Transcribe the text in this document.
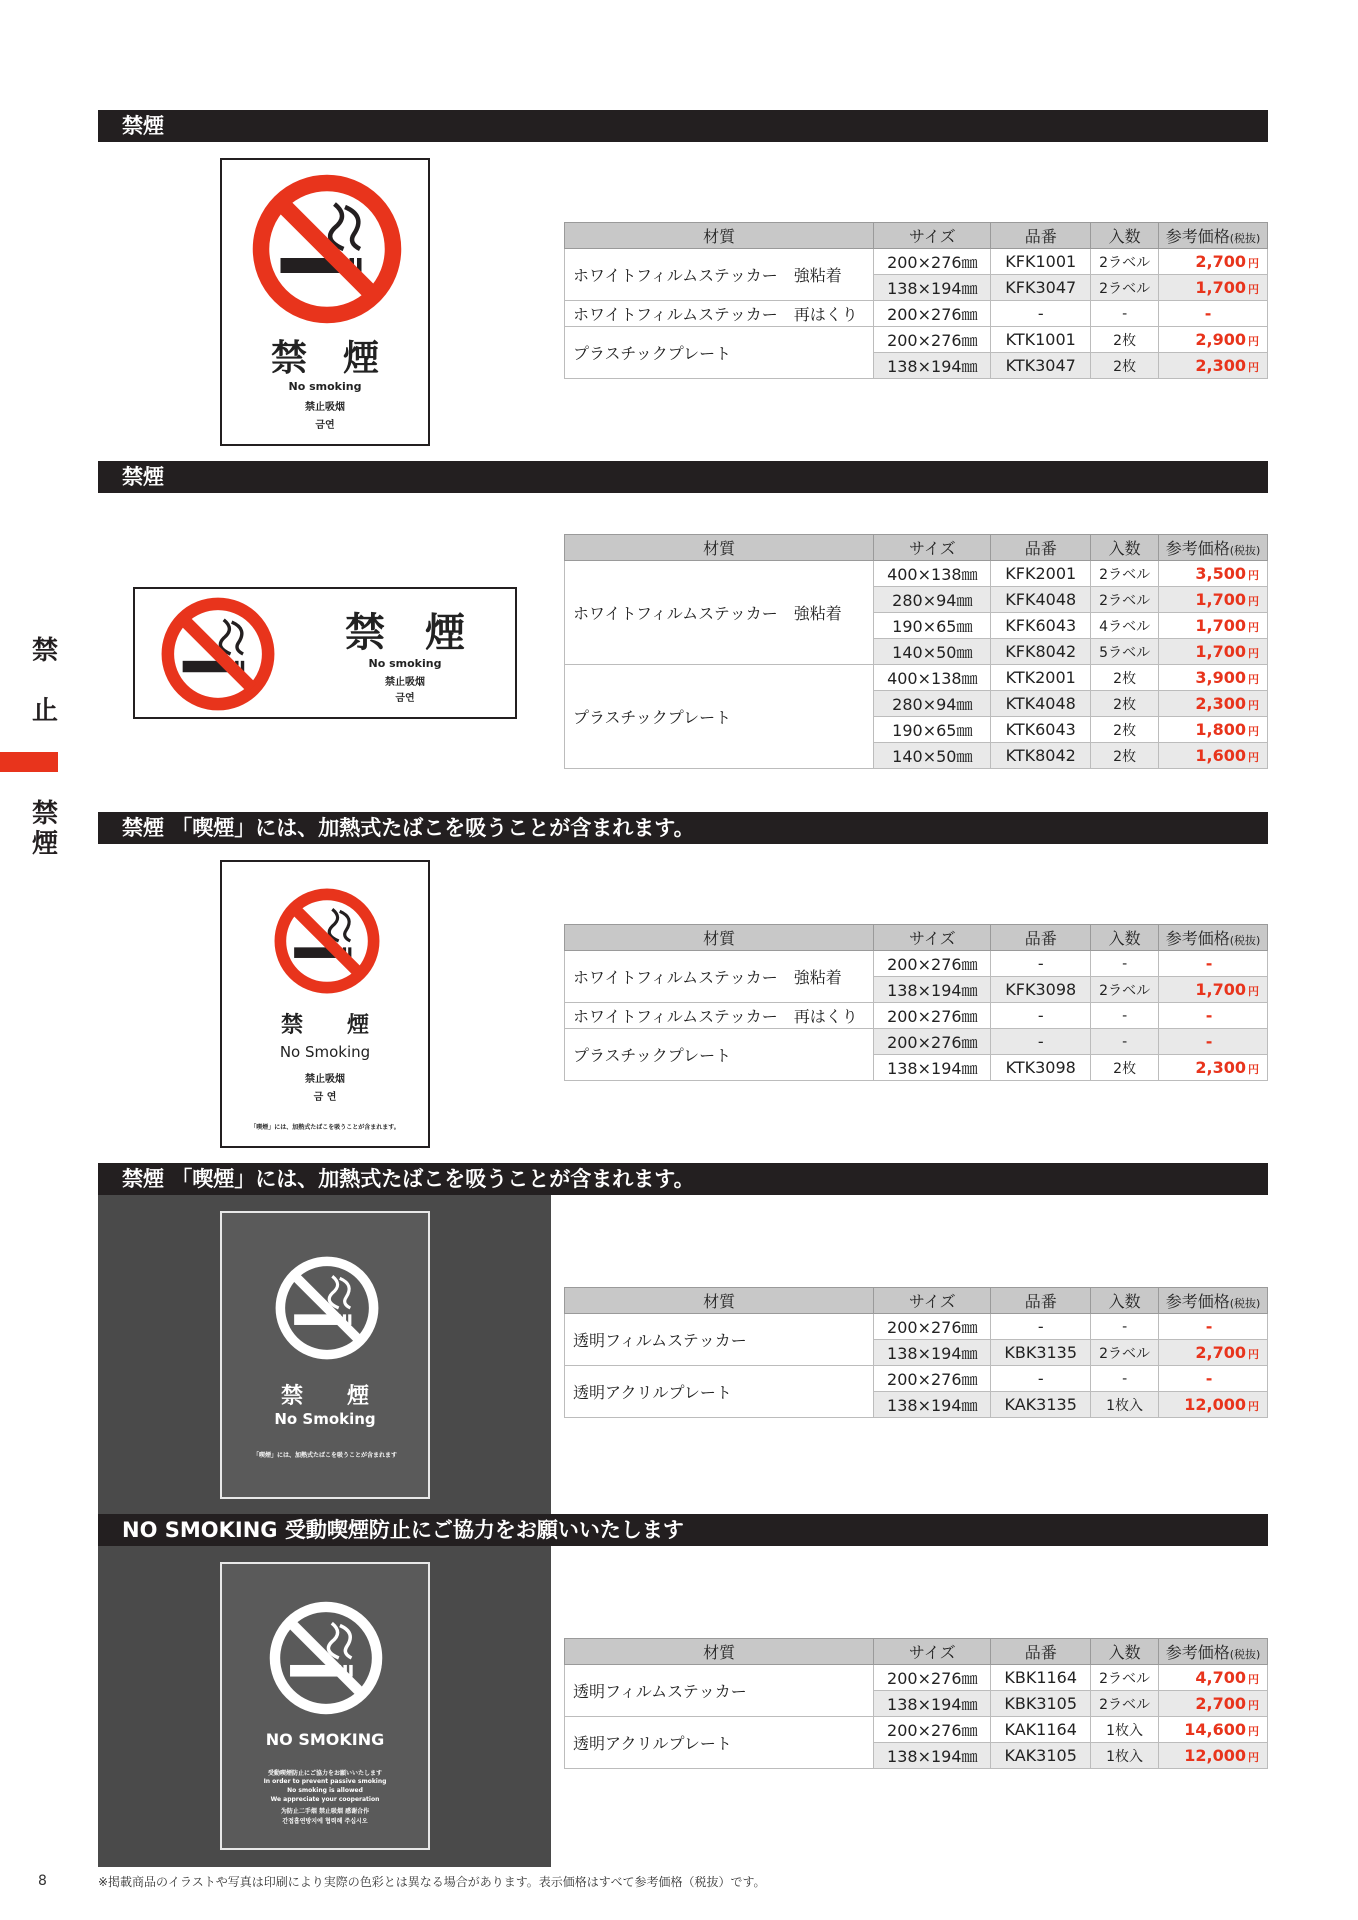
禁
止
禁
煙
禁煙
禁　煙
No smoking
禁止吸烟
금연
材質	サイズ	品番	入数	参考価格(税抜)
ホワイトフィルムステッカー　強粘着	200×276㎜	KFK1001	2ラベル	2,700 円
	138×194㎜	KFK3047	2ラベル	1,700 円
ホワイトフィルムステッカー　再はくり	200×276㎜	-	-	-
プラスチックプレート	200×276㎜	KTK1001	2枚	2,900 円
	138×194㎜	KTK3047	2枚	2,300 円
禁煙
禁　煙
No smoking
禁止吸烟
금연
材質	サイズ	品番	入数	参考価格(税抜)
ホワイトフィルムステッカー　強粘着	400×138㎜	KFK2001	2ラベル	3,500 円
	280×94㎜	KFK4048	2ラベル	1,700 円
	190×65㎜	KFK6043	4ラベル	1,700 円
	140×50㎜	KFK8042	5ラベル	1,700 円
プラスチックプレート	400×138㎜	KTK2001	2枚	3,900 円
	280×94㎜	KTK4048	2枚	2,300 円
	190×65㎜	KTK6043	2枚	1,800 円
	140×50㎜	KTK8042	2枚	1,600 円
禁煙 「喫煙」には、加熱式たばこを吸うことが含まれます。
禁　　煙
No Smoking
禁止吸烟
금 연
「喫煙」には、加熱式たばこを吸うことが含まれます。
材質	サイズ	品番	入数	参考価格(税抜)
ホワイトフィルムステッカー　強粘着	200×276㎜	-	-	-
	138×194㎜	KFK3098	2ラベル	1,700 円
ホワイトフィルムステッカー　再はくり	200×276㎜	-	-	-
プラスチックプレート	200×276㎜	-	-	-
	138×194㎜	KTK3098	2枚	2,300 円
禁煙 「喫煙」には、加熱式たばこを吸うことが含まれます。
禁　　煙
No Smoking
「喫煙」には、加熱式たばこを吸うことが含まれます
材質	サイズ	品番	入数	参考価格(税抜)
透明フィルムステッカー	200×276㎜	-	-	-
	138×194㎜	KBK3135	2ラベル	2,700 円
透明アクリルプレート	200×276㎜	-	-	-
	138×194㎜	KAK3135	1枚入	12,000 円
NO SMOKING 受動喫煙防止にご協力をお願いいたします
NO SMOKING
受動喫煙防止にご協力をお願いいたします
In order to prevent passive smoking
No smoking is allowed
We appreciate your cooperation
为防止二手烟 禁止吸烟 感谢合作
간접흡연방지에 협력해 주십시오
材質	サイズ	品番	入数	参考価格(税抜)
透明フィルムステッカー	200×276㎜	KBK1164	2ラベル	4,700 円
	138×194㎜	KBK3105	2ラベル	2,700 円
透明アクリルプレート	200×276㎜	KAK1164	1枚入	14,600 円
	138×194㎜	KAK3105	1枚入	12,000 円
8	※掲載商品のイラストや写真は印刷により実際の色彩とは異なる場合があります。表示価格はすべて参考価格（税抜）です。
